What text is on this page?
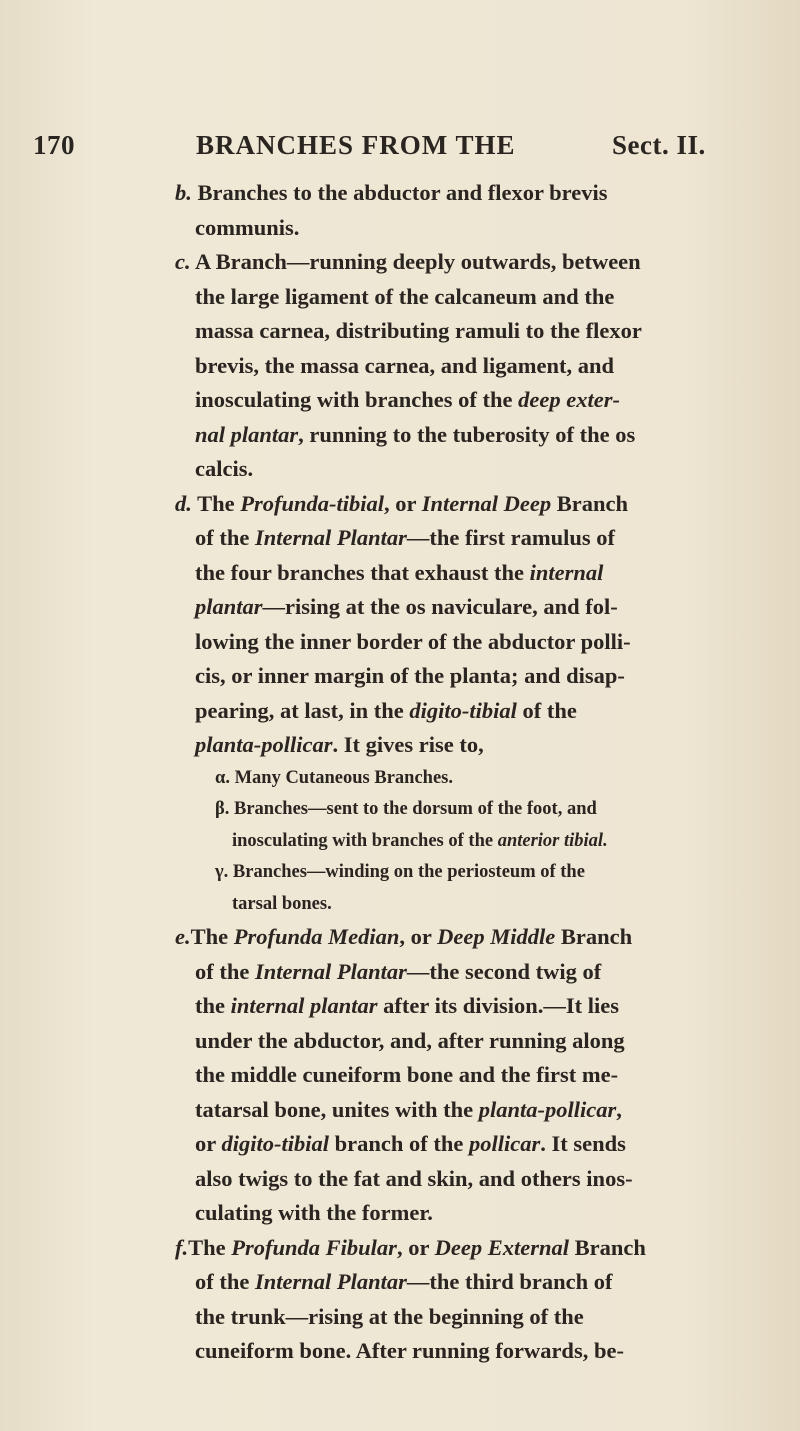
170	BRANCHES FROM THE	Sect. II.

b. Branches to the abductor and flexor brevis
communis.

c. A Branch—running deeply outwards, between
the large ligament of the calcaneum and the
massa carnea, distributing ramuli to the flexor
brevis, the massa carnea, and ligament, and
inosculating with branches of the deep exter-
nal plantar, running to the tuberosity of the os
calcis.

d. The Profunda-tibial, or Internal Deep Branch
of the Internal Plantar—the first ramulus of
the four branches that exhaust the internal
plantar—rising at the os naviculare, and fol-
lowing the inner border of the abductor polli-
cis, or inner margin of the planta; and disap-
pearing, at last, in the digito-tibial of the
planta-pollicar. It gives rise to,

α. Many Cutaneous Branches.
β. Branches—sent to the dorsum of the foot, and
inosculating with branches of the anterior tibial.
γ. Branches—winding on the periosteum of the
tarsal bones.

e.The Profunda Median, or Deep Middle Branch
of the Internal Plantar—the second twig of
the internal plantar after its division.—It lies
under the abductor, and, after running along
the middle cuneiform bone and the first me-
tatarsal bone, unites with the planta-pollicar,
or digito-tibial branch of the pollicar. It sends
also twigs to the fat and skin, and others inos-
culating with the former.

f.The Profunda Fibular, or Deep External Branch
of the Internal Plantar—the third branch of
the trunk—rising at the beginning of the
cuneiform bone. After running forwards, be-
